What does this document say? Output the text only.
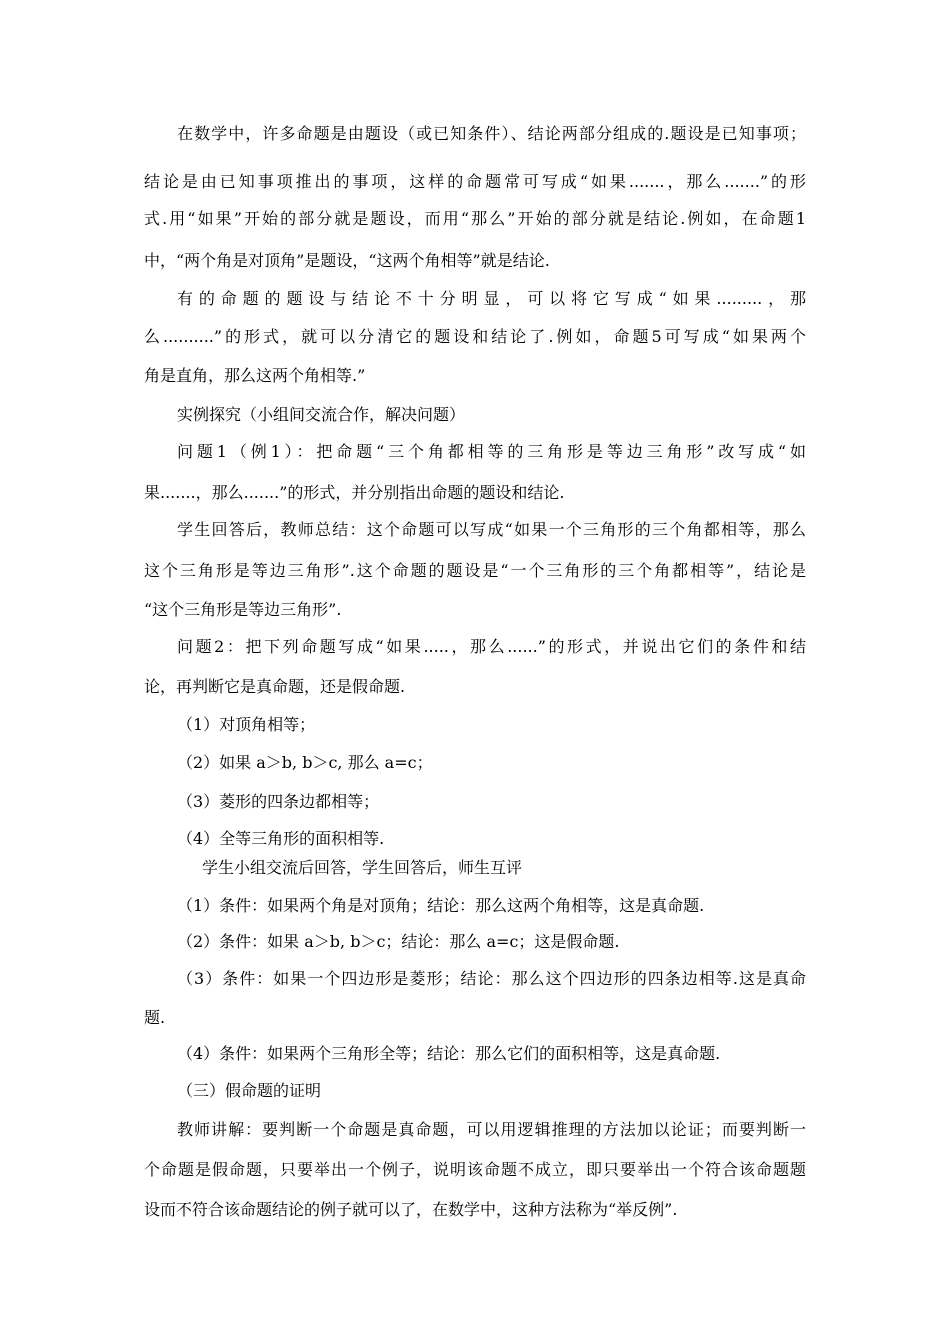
在数学中，许多命题是由题设（或已知条件）、结论两部分组成的.题设是已知事项；
结论是由已知事项推出的事项，这样的命题常可写成“如果.......，那么.......”的形
式.用“如果”开始的部分就是题设，而用“那么”开始的部分就是结论.例如，在命题1
中，“两个角是对顶角”是题设，“这两个角相等”就是结论.
有的命题的题设与结论不十分明显，可以将它写成“如果.........，那
么..........”的形式，就可以分清它的题设和结论了.例如，命题5可写成“如果两个
角是直角，那么这两个角相等.”
实例探究（小组间交流合作，解决问题）
问题1（例1）：把命题“三个角都相等的三角形是等边三角形”改写成“如
果.......，那么.......”的形式，并分别指出命题的题设和结论.
学生回答后，教师总结：这个命题可以写成“如果一个三角形的三个角都相等，那么
这个三角形是等边三角形”.这个命题的题设是“一个三角形的三个角都相等”，结论是
“这个三角形是等边三角形”.
问题2：把下列命题写成“如果.....，那么......”的形式，并说出它们的条件和结
论，再判断它是真命题，还是假命题.
（1）对顶角相等；
（2）如果 a＞b, b＞c, 那么 a=c；
（3）菱形的四条边都相等；
（4）全等三角形的面积相等.
学生小组交流后回答，学生回答后，师生互评
（1）条件：如果两个角是对顶角；结论：那么这两个角相等，这是真命题.
（2）条件：如果 a＞b, b＞c；结论：那么 a=c；这是假命题.
（3）条件：如果一个四边形是菱形；结论：那么这个四边形的四条边相等.这是真命
题.
（4）条件：如果两个三角形全等；结论：那么它们的面积相等，这是真命题.
（三）假命题的证明
教师讲解：要判断一个命题是真命题，可以用逻辑推理的方法加以论证；而要判断一
个命题是假命题，只要举出一个例子，说明该命题不成立，即只要举出一个符合该命题题
设而不符合该命题结论的例子就可以了，在数学中，这种方法称为“举反例”.
